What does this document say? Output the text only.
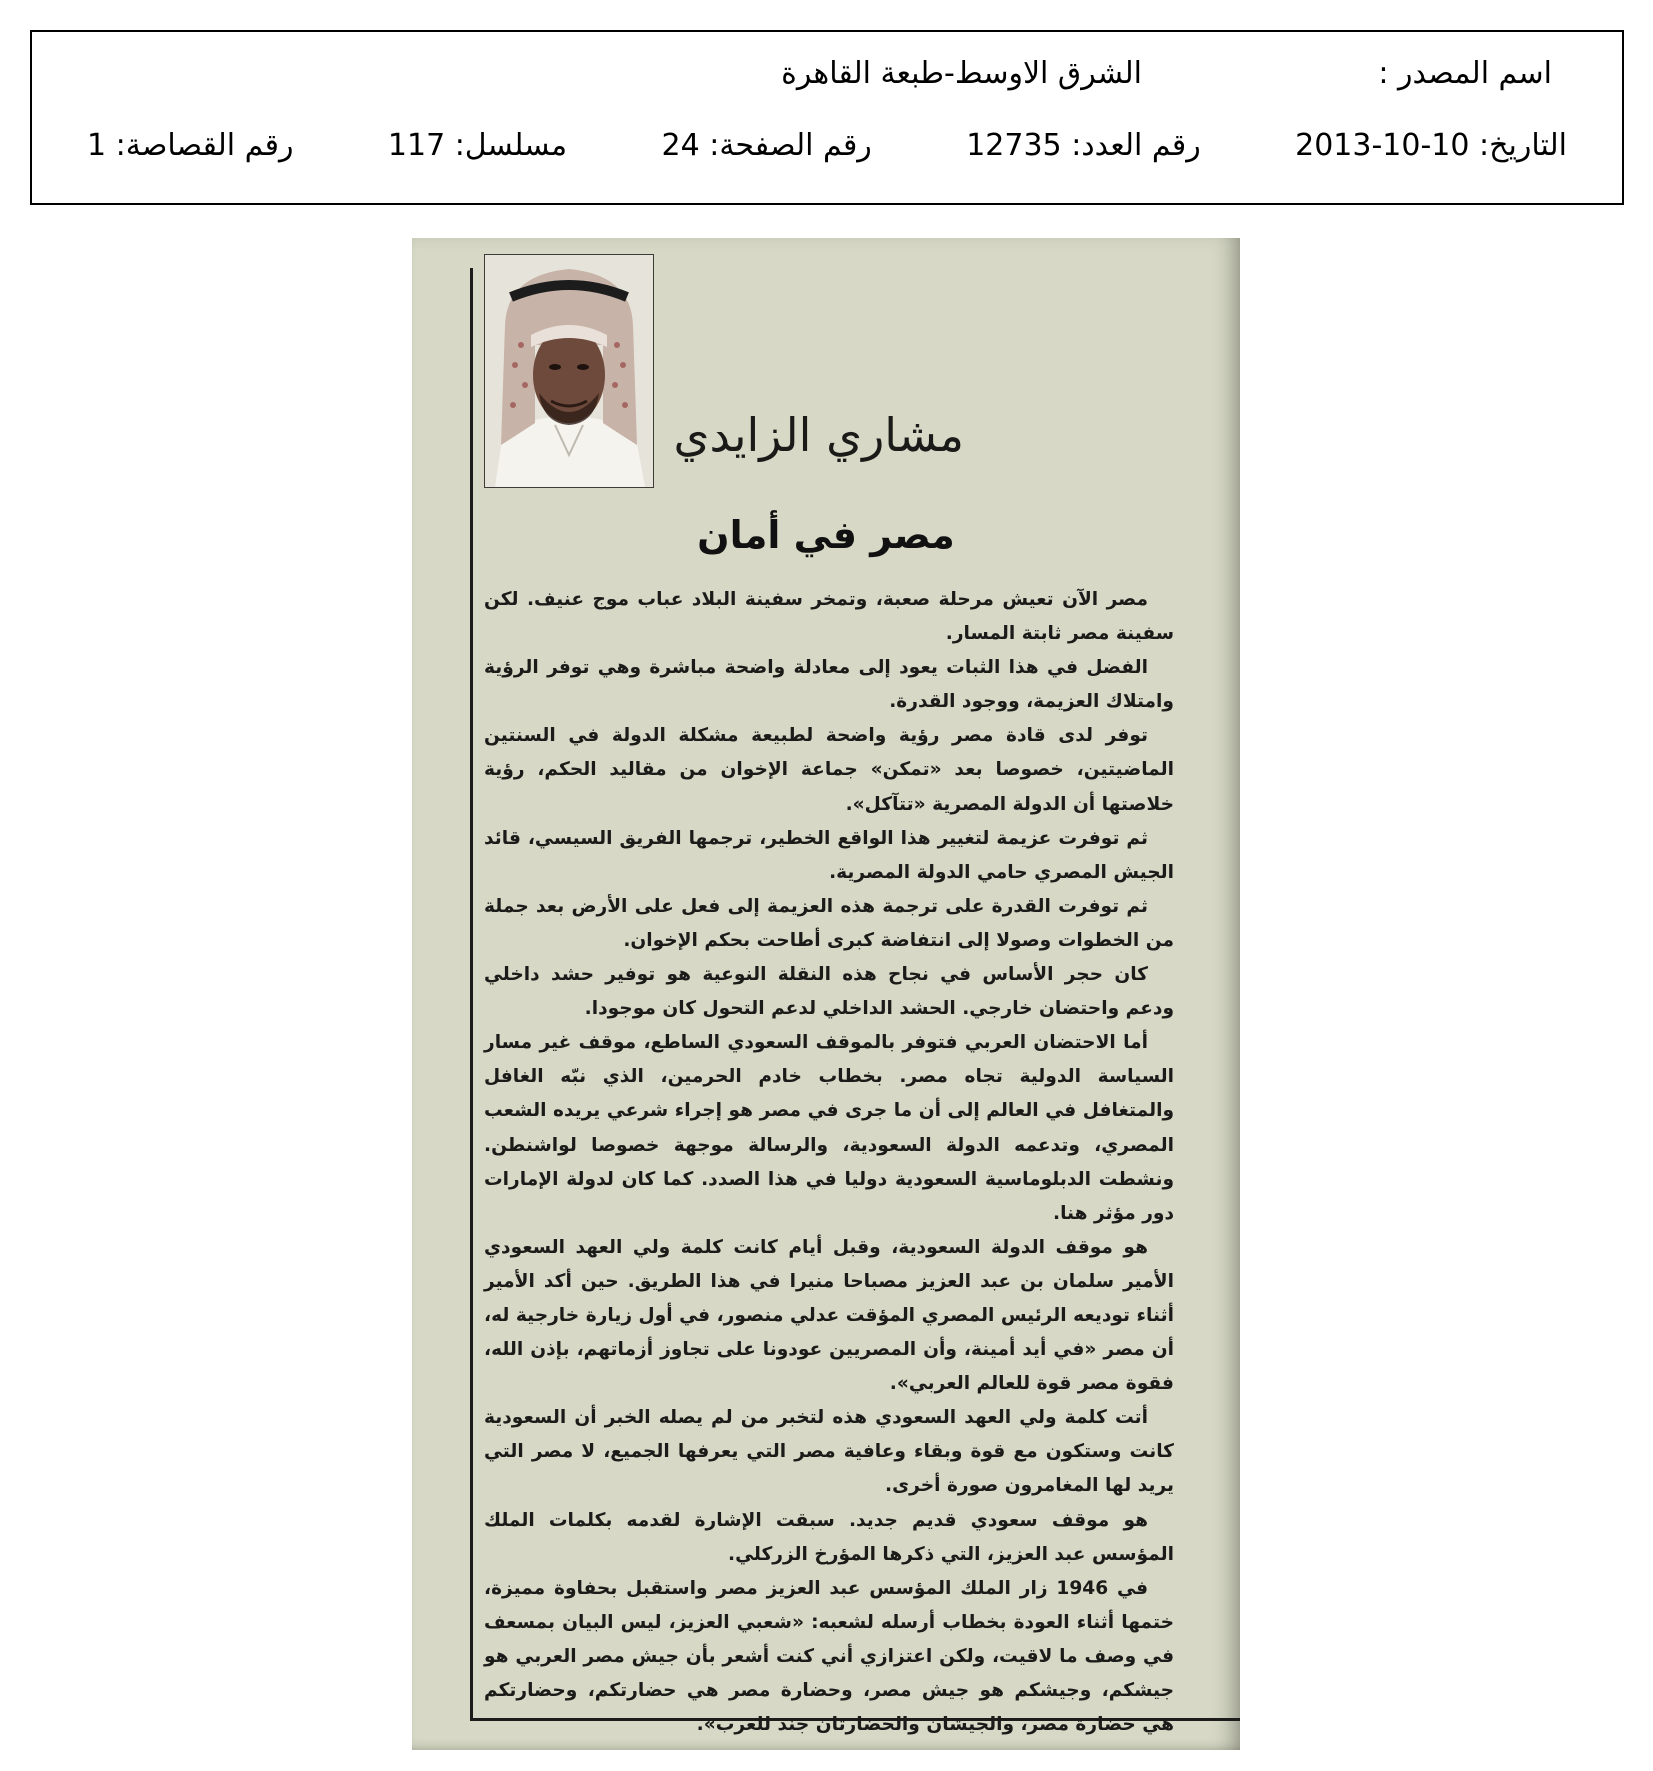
اسم المصدر :
الشرق الاوسط-طبعة القاهرة
التاريخ: 2013-10-10
رقم العدد: 12735
رقم الصفحة: 24
مسلسل: 117
رقم القصاصة: 1
مشاري الزايدي
مصر في أمان

مصر الآن تعيش مرحلة صعبة، وتمخر سفينة البلاد عباب موج عنيف. لكن سفينة مصر ثابتة المسار.

الفضل في هذا الثبات يعود إلى معادلة واضحة مباشرة وهي توفر الرؤية وامتلاك العزيمة، ووجود القدرة.

توفر لدى قادة مصر رؤية واضحة لطبيعة مشكلة الدولة في السنتين الماضيتين، خصوصا بعد «تمكن» جماعة الإخوان من مقاليد الحكم، رؤية خلاصتها أن الدولة المصرية «تتآكل».

ثم توفرت عزيمة لتغيير هذا الواقع الخطير، ترجمها الفريق السيسي، قائد الجيش المصري حامي الدولة المصرية.

ثم توفرت القدرة على ترجمة هذه العزيمة إلى فعل على الأرض بعد جملة من الخطوات وصولا إلى انتفاضة كبرى أطاحت بحكم الإخوان.

كان حجر الأساس في نجاح هذه النقلة النوعية هو توفير حشد داخلي ودعم واحتضان خارجي. الحشد الداخلي لدعم التحول كان موجودا.

أما الاحتضان العربي فتوفر بالموقف السعودي الساطع، موقف غير مسار السياسة الدولية تجاه مصر. بخطاب خادم الحرمين، الذي نبّه الغافل والمتغافل في العالم إلى أن ما جرى في مصر هو إجراء شرعي يريده الشعب المصري، وتدعمه الدولة السعودية، والرسالة موجهة خصوصا لواشنطن. ونشطت الدبلوماسية السعودية دوليا في هذا الصدد. كما كان لدولة الإمارات دور مؤثر هنا.

هو موقف الدولة السعودية، وقبل أيام كانت كلمة ولي العهد السعودي الأمير سلمان بن عبد العزيز مصباحا منيرا في هذا الطريق. حين أكد الأمير أثناء توديعه الرئيس المصري المؤقت عدلي منصور، في أول زيارة خارجية له، أن مصر «في أيد أمينة، وأن المصريين عودونا على تجاوز أزماتهم، بإذن الله، فقوة مصر قوة للعالم العربي».

أتت كلمة ولي العهد السعودي هذه لتخبر من لم يصله الخبر أن السعودية كانت وستكون مع قوة وبقاء وعافية مصر التي يعرفها الجميع، لا مصر التي يريد لها المغامرون صورة أخرى.

هو موقف سعودي قديم جديد. سبقت الإشارة لقدمه بكلمات الملك المؤسس عبد العزيز، التي ذكرها المؤرخ الزركلي.

في 1946 زار الملك المؤسس عبد العزيز مصر واستقبل بحفاوة مميزة، ختمها أثناء العودة بخطاب أرسله لشعبه: «شعبي العزيز، ليس البيان بمسعف في وصف ما لاقيت، ولكن اعتزازي أني كنت أشعر بأن جيش مصر العربي هو جيشكم، وجيشكم هو جيش مصر، وحضارة مصر هي حضارتكم، وحضارتكم هي حضارة مصر، والجيشان والحضارتان جند للعرب».
